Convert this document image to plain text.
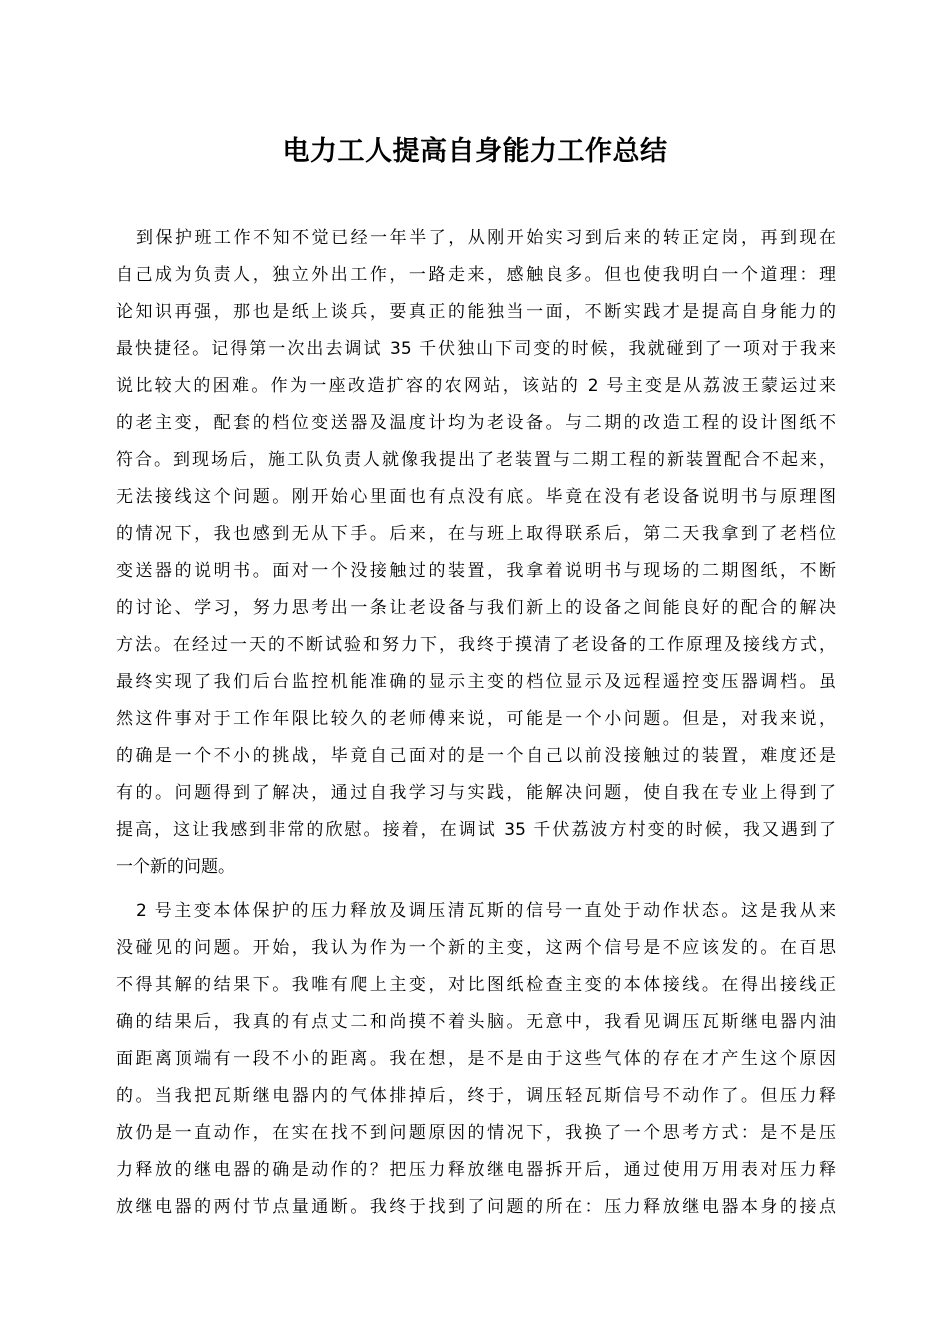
电力工人提高自身能力工作总结
到保护班工作不知不觉已经一年半了，从刚开始实习到后来的转正定岗，再到现在
自己成为负责人，独立外出工作，一路走来，感触良多。但也使我明白一个道理：理
论知识再强，那也是纸上谈兵，要真正的能独当一面，不断实践才是提高自身能力的
最快捷径。记得第一次出去调试 35 千伏独山下司变的时候，我就碰到了一项对于我来
说比较大的困难。作为一座改造扩容的农网站，该站的 2 号主变是从荔波王蒙运过来
的老主变，配套的档位变送器及温度计均为老设备。与二期的改造工程的设计图纸不
符合。到现场后，施工队负责人就像我提出了老装置与二期工程的新装置配合不起来，
无法接线这个问题。刚开始心里面也有点没有底。毕竟在没有老设备说明书与原理图
的情况下，我也感到无从下手。后来，在与班上取得联系后，第二天我拿到了老档位
变送器的说明书。面对一个没接触过的装置，我拿着说明书与现场的二期图纸，不断
的讨论、学习，努力思考出一条让老设备与我们新上的设备之间能良好的配合的解决
方法。在经过一天的不断试验和努力下，我终于摸清了老设备的工作原理及接线方式，
最终实现了我们后台监控机能准确的显示主变的档位显示及远程遥控变压器调档。虽
然这件事对于工作年限比较久的老师傅来说，可能是一个小问题。但是，对我来说，
的确是一个不小的挑战，毕竟自己面对的是一个自己以前没接触过的装置，难度还是
有的。问题得到了解决，通过自我学习与实践，能解决问题，使自我在专业上得到了
提高，这让我感到非常的欣慰。接着，在调试 35 千伏荔波方村变的时候，我又遇到了
一个新的问题。
2 号主变本体保护的压力释放及调压清瓦斯的信号一直处于动作状态。这是我从来
没碰见的问题。开始，我认为作为一个新的主变，这两个信号是不应该发的。在百思
不得其解的结果下。我唯有爬上主变，对比图纸检查主变的本体接线。在得出接线正
确的结果后，我真的有点丈二和尚摸不着头脑。无意中，我看见调压瓦斯继电器内油
面距离顶端有一段不小的距离。我在想，是不是由于这些气体的存在才产生这个原因
的。当我把瓦斯继电器内的气体排掉后，终于，调压轻瓦斯信号不动作了。但压力释
放仍是一直动作，在实在找不到问题原因的情况下，我换了一个思考方式：是不是压
力释放的继电器的确是动作的？把压力释放继电器拆开后，通过使用万用表对压力释
放继电器的两付节点量通断。我终于找到了问题的所在：压力释放继电器本身的接点
